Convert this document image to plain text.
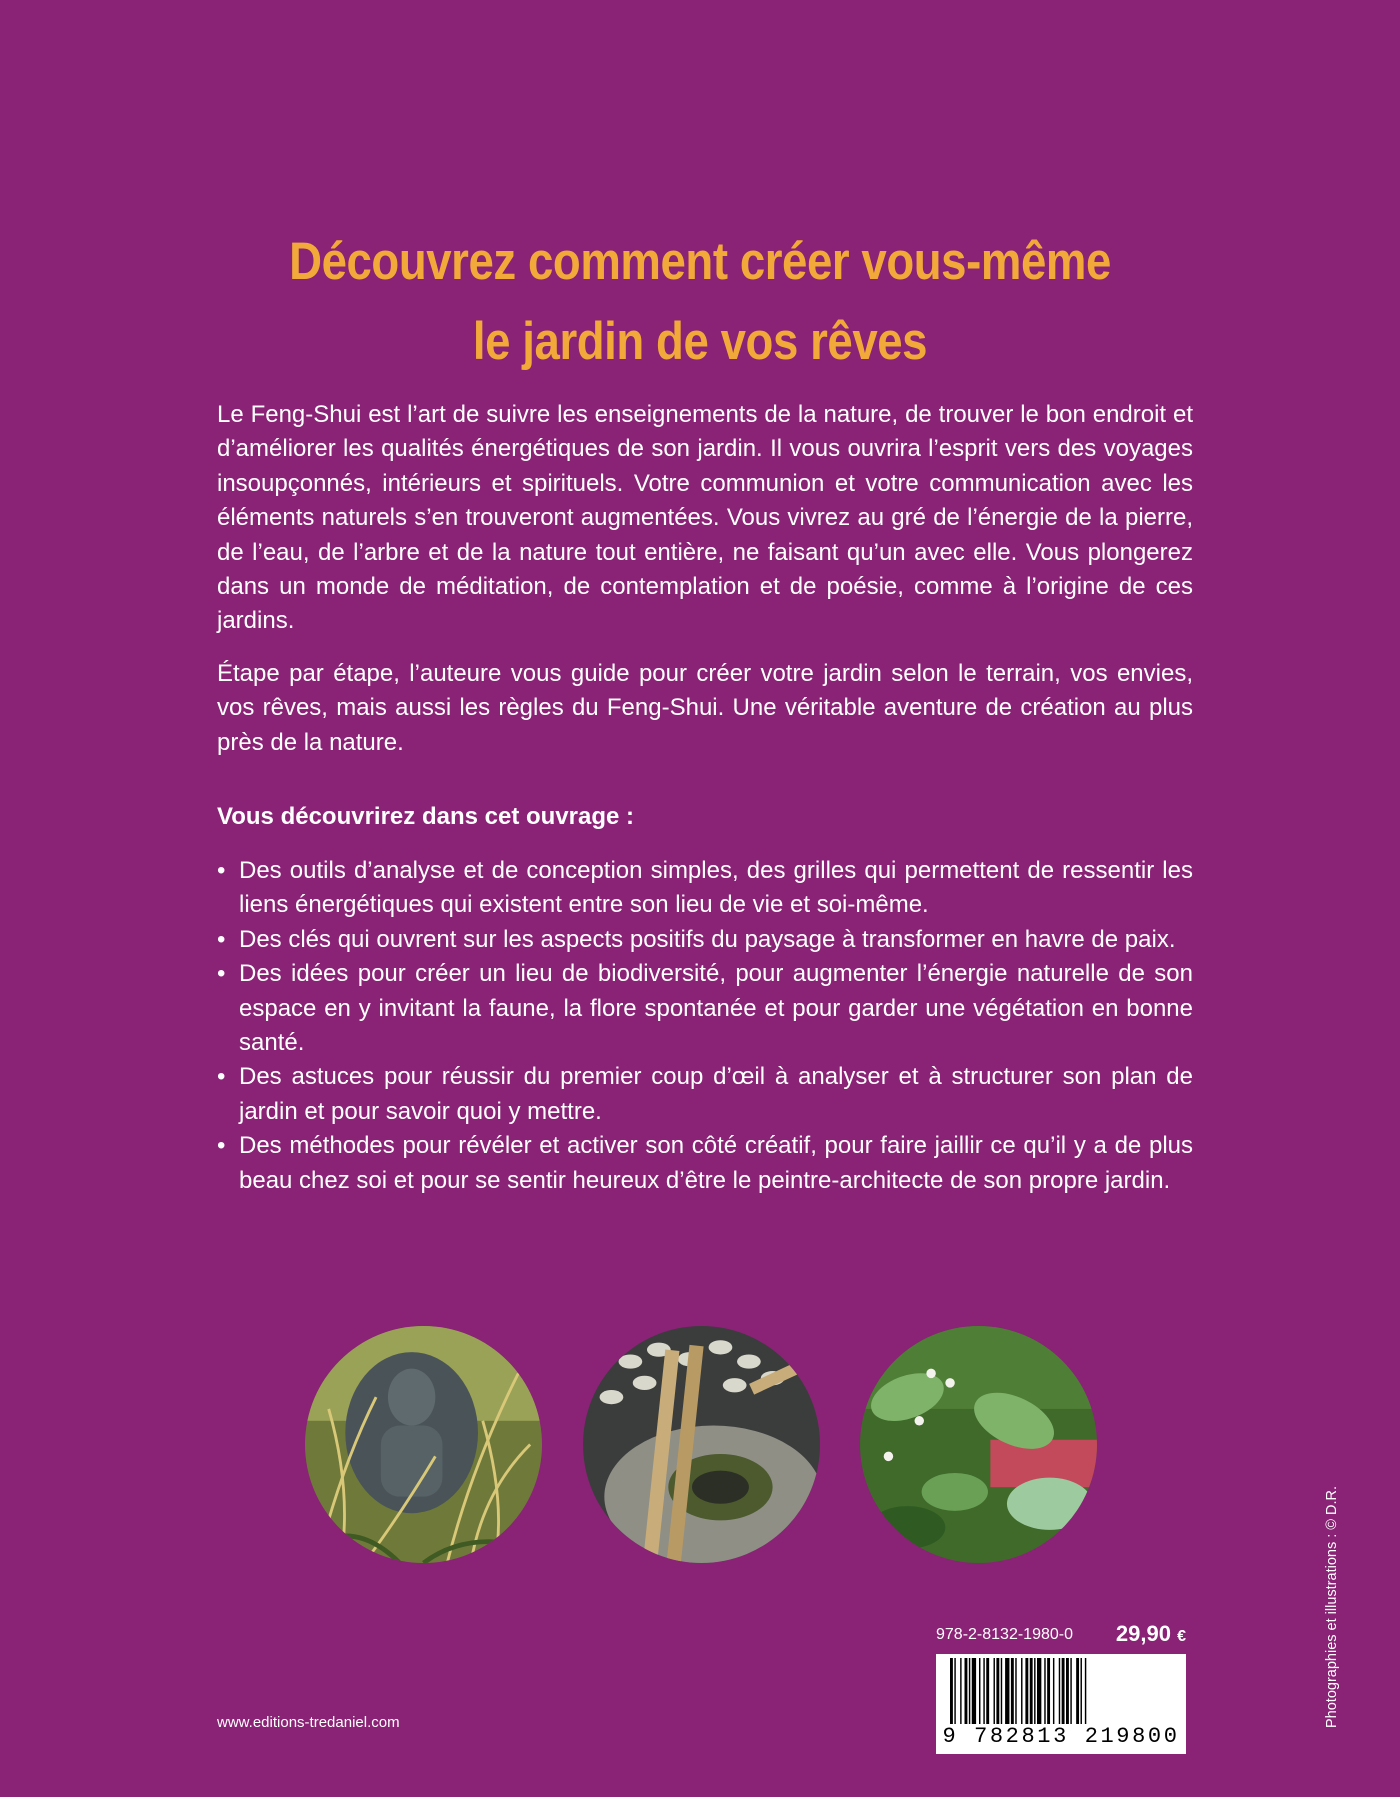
Découvrez comment créer vous-même
le jardin de vos rêves

Le Feng-Shui est l’art de suivre les enseignements de la nature, de trouver le bon endroit et d’améliorer les qualités énergétiques de son jardin. Il vous ouvrira l’esprit vers des voyages insoupçonnés, intérieurs et spirituels. Votre communion et votre communication avec les éléments naturels s’en trouveront augmentées. Vous vivrez au gré de l’énergie de la pierre, de l’eau, de l’arbre et de la nature tout entière, ne faisant qu’un avec elle. Vous plongerez dans un monde de méditation, de contemplation et de poésie, comme à l’origine de ces jardins.

Étape par étape, l’auteure vous guide pour créer votre jardin selon le terrain, vos envies, vos rêves, mais aussi les règles du Feng-Shui. Une véritable aventure de création au plus près de la nature.

Vous découvrirez dans cet ouvrage :
• Des outils d’analyse et de conception simples, des grilles qui permettent de ressentir les liens énergétiques qui existent entre son lieu de vie et soi-même.
• Des clés qui ouvrent sur les aspects positifs du paysage à transformer en havre de paix.
• Des idées pour créer un lieu de biodiversité, pour augmenter l’énergie naturelle de son espace en y invitant la faune, la flore spontanée et pour garder une végétation en bonne santé.
• Des astuces pour réussir du premier coup d’œil à analyser et à structurer son plan de jardin et pour savoir quoi y mettre.
• Des méthodes pour révéler et activer son côté créatif, pour faire jaillir ce qu’il y a de plus beau chez soi et pour se sentir heureux d’être le peintre-architecte de son propre jardin.
Photographies et illustrations : © D.R.
978-2-8132-1980-0 29,90 €
9 782813 219800
www.editions-tredaniel.com
